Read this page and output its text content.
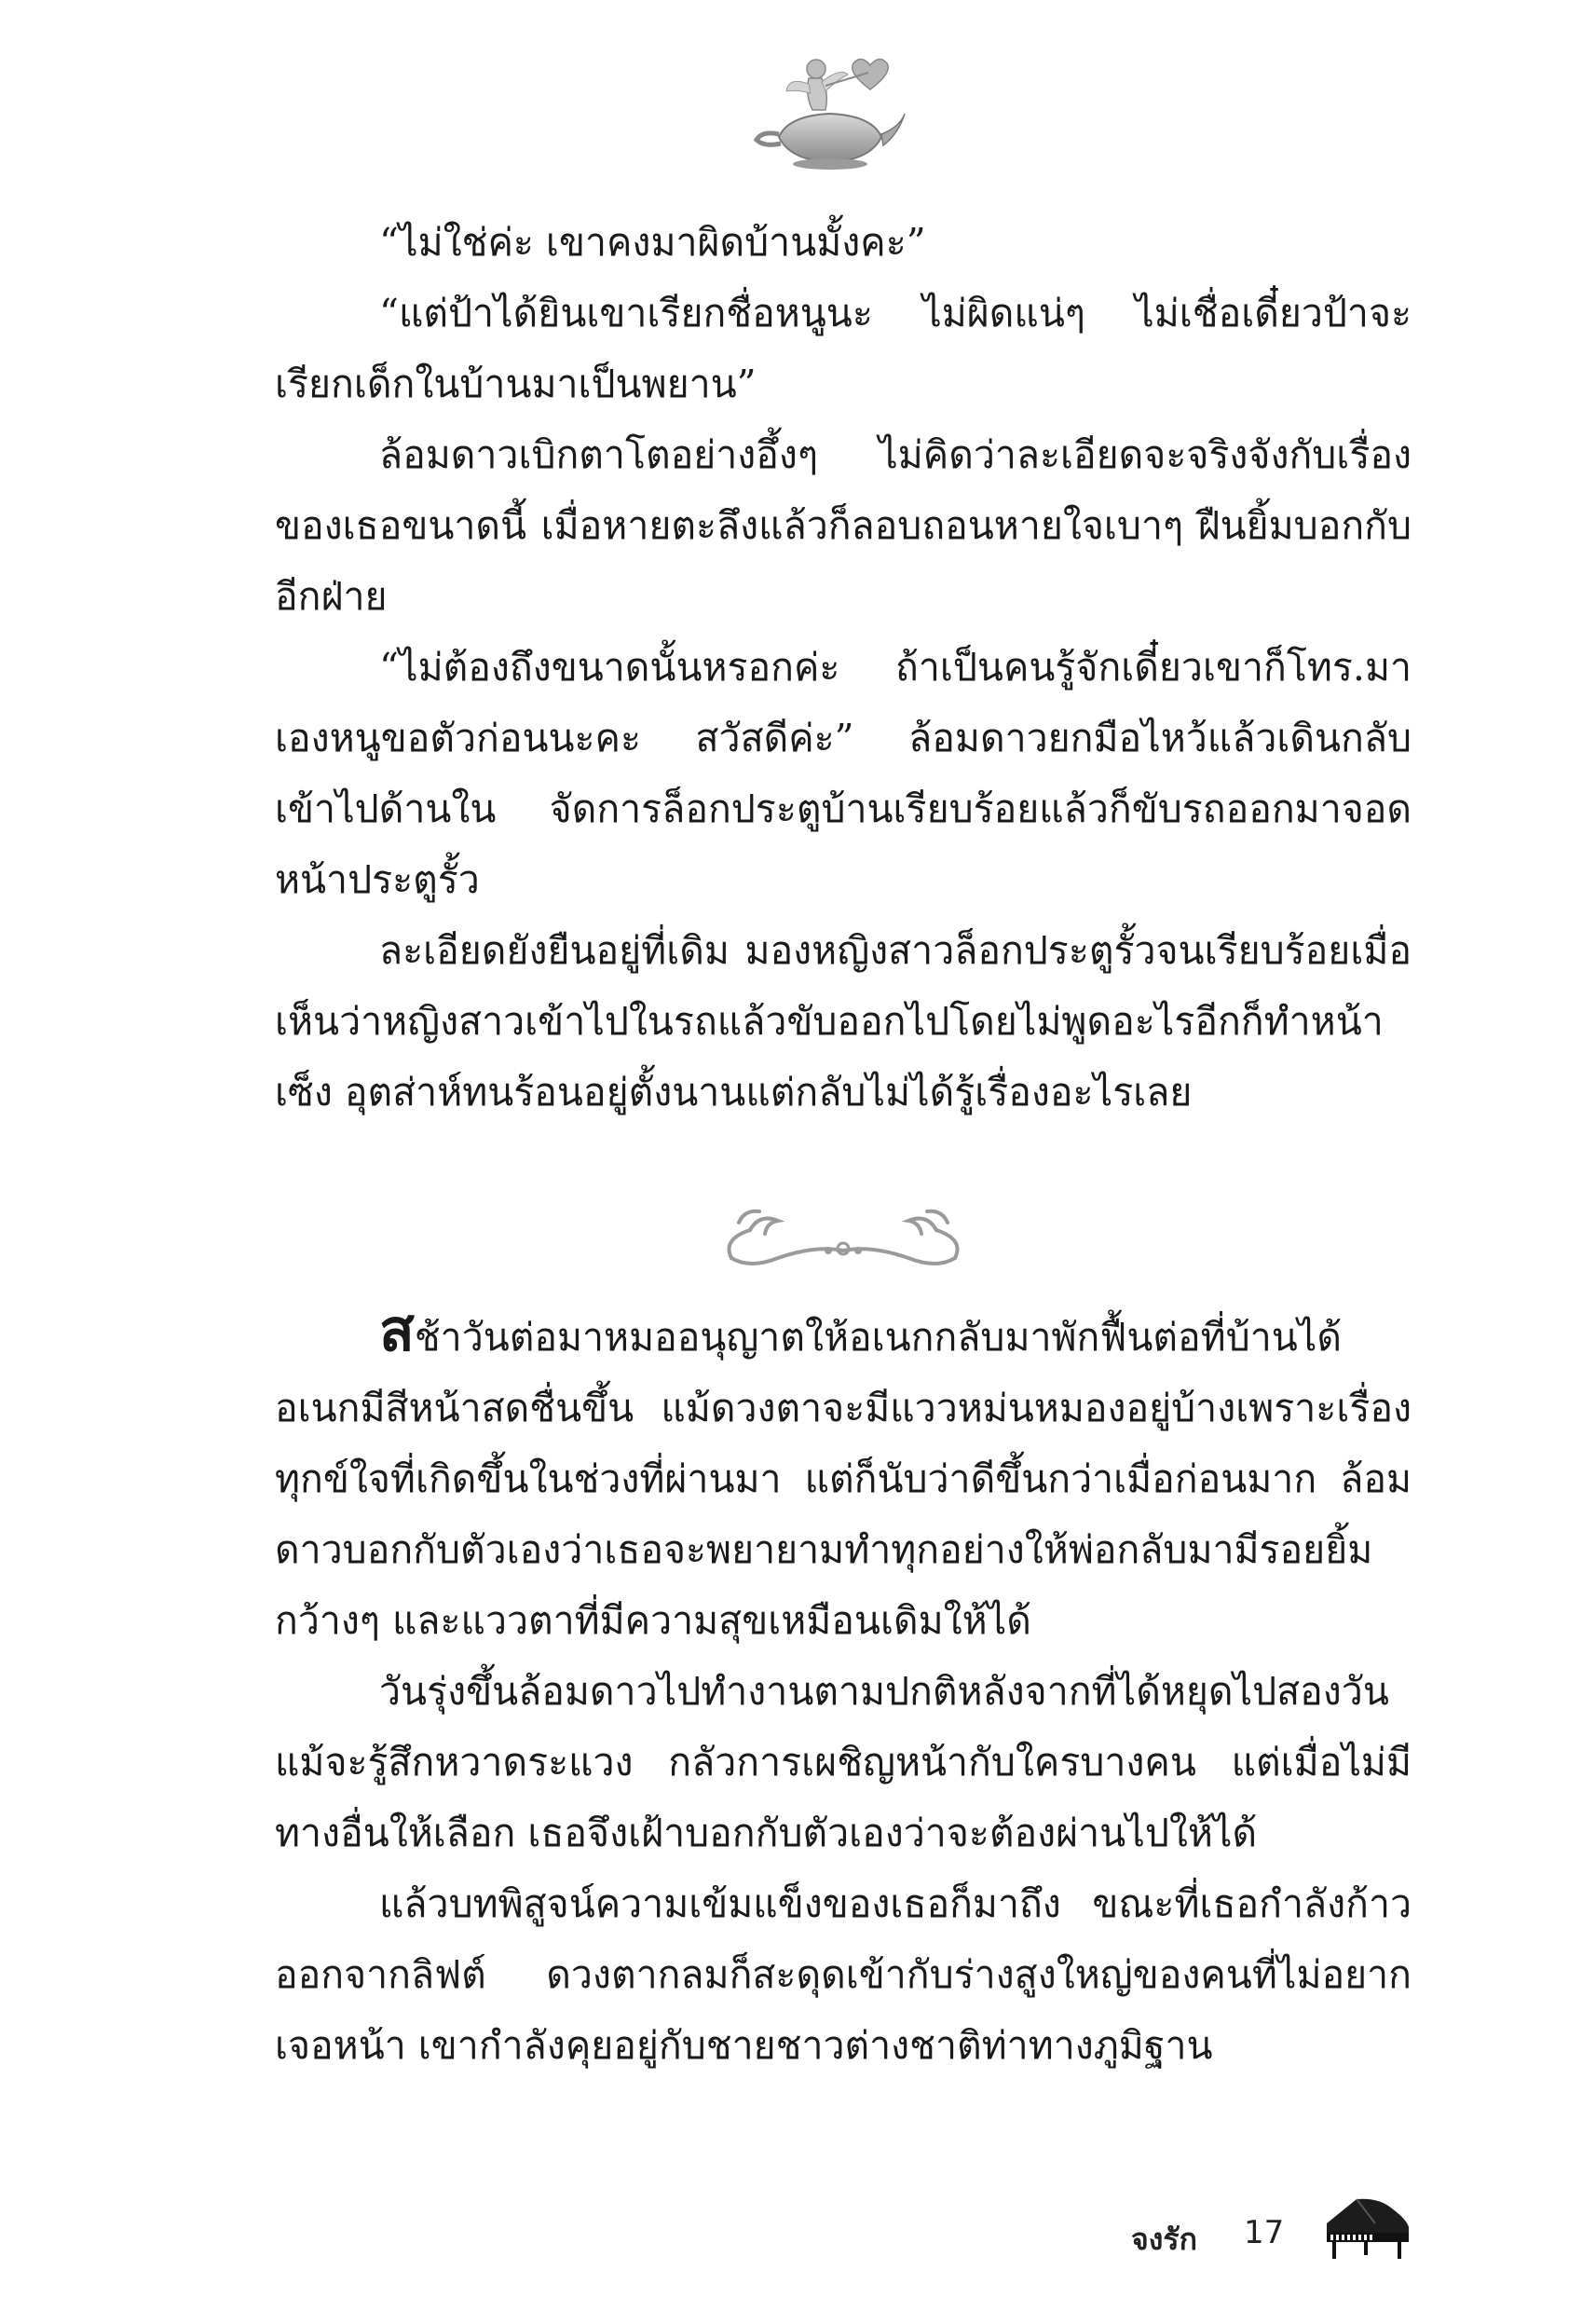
“ไม่ใช่ค่ะ เขาคงมาผิดบ้านมั้งคะ”

“แต่ป้าได้ยินเขาเรียกชื่อหนูนะ ไม่ผิดแน่ๆ ไม่เชื่อเดี๋ยวป้าจะเรียกเด็กในบ้านมาเป็นพยาน”

ล้อมดาวเบิกตาโตอย่างอึ้งๆ ไม่คิดว่าละเอียดจะจริงจังกับเรื่องของเธอขนาดนี้ เมื่อหายตะลึงแล้วก็ลอบถอนหายใจเบาๆ ฝืนยิ้มบอกกับอีกฝ่าย

“ไม่ต้องถึงขนาดนั้นหรอกค่ะ ถ้าเป็นคนรู้จักเดี๋ยวเขาก็โทร.มาเองหนูขอตัวก่อนนะคะ สวัสดีค่ะ” ล้อมดาวยกมือไหว้แล้วเดินกลับเข้าไปด้านใน จัดการล็อกประตูบ้านเรียบร้อยแล้วก็ขับรถออกมาจอดหน้าประตูรั้ว

ละเอียดยังยืนอยู่ที่เดิม มองหญิงสาวล็อกประตูรั้วจนเรียบร้อยเมื่อเห็นว่าหญิงสาวเข้าไปในรถแล้วขับออกไปโดยไม่พูดอะไรอีกก็ทำหน้าเซ็ง อุตส่าห์ทนร้อนอยู่ตั้งนานแต่กลับไม่ได้รู้เรื่องอะไรเลย

สช้าวันต่อมาหมออนุญาตให้อเนกกลับมาพักฟื้นต่อที่บ้านได้ อเนกมีสีหน้าสดชื่นขึ้น แม้ดวงตาจะมีแววหม่นหมองอยู่บ้างเพราะเรื่องทุกข์ใจที่เกิดขึ้นในช่วงที่ผ่านมา แต่ก็นับว่าดีขึ้นกว่าเมื่อก่อนมาก ล้อมดาวบอกกับตัวเองว่าเธอจะพยายามทำทุกอย่างให้พ่อกลับมามีรอยยิ้มกว้างๆ และแววตาที่มีความสุขเหมือนเดิมให้ได้

วันรุ่งขึ้นล้อมดาวไปทำงานตามปกติหลังจากที่ได้หยุดไปสองวัน แม้จะรู้สึกหวาดระแวง กลัวการเผชิญหน้ากับใครบางคน แต่เมื่อไม่มีทางอื่นให้เลือก เธอจึงเฝ้าบอกกับตัวเองว่าจะต้องผ่านไปให้ได้

แล้วบทพิสูจน์ความเข้มแข็งของเธอก็มาถึง ขณะที่เธอกำลังก้าวออกจากลิฟต์ ดวงตากลมก็สะดุดเข้ากับร่างสูงใหญ่ของคนที่ไม่อยากเจอหน้า เขากำลังคุยอยู่กับชายชาวต่างชาติท่าทางภูมิฐาน

จงรัก 17
